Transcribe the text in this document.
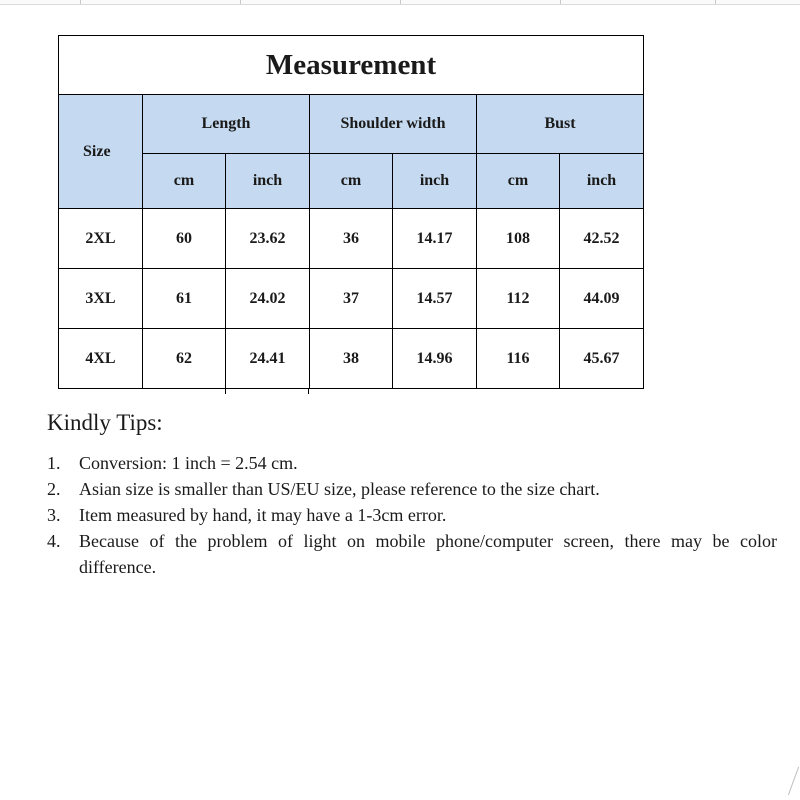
Measurement						
Size	Length		Shoulder width		Bust	
	cm	inch	cm	inch	cm	inch
2XL	60	23.62	36	14.17	108	42.52
3XL	61	24.02	37	14.57	112	44.09
4XL	62	24.41	38	14.96	116	45.67
Kindly Tips:
1.	Conversion: 1 inch = 2.54 cm.
2.	Asian size is smaller than US/EU size, please reference to the size chart.
3.	Item measured by hand, it may have a 1-3cm error.
4.	Because of the problem of light on mobile phone/computer screen, there may be color difference.
